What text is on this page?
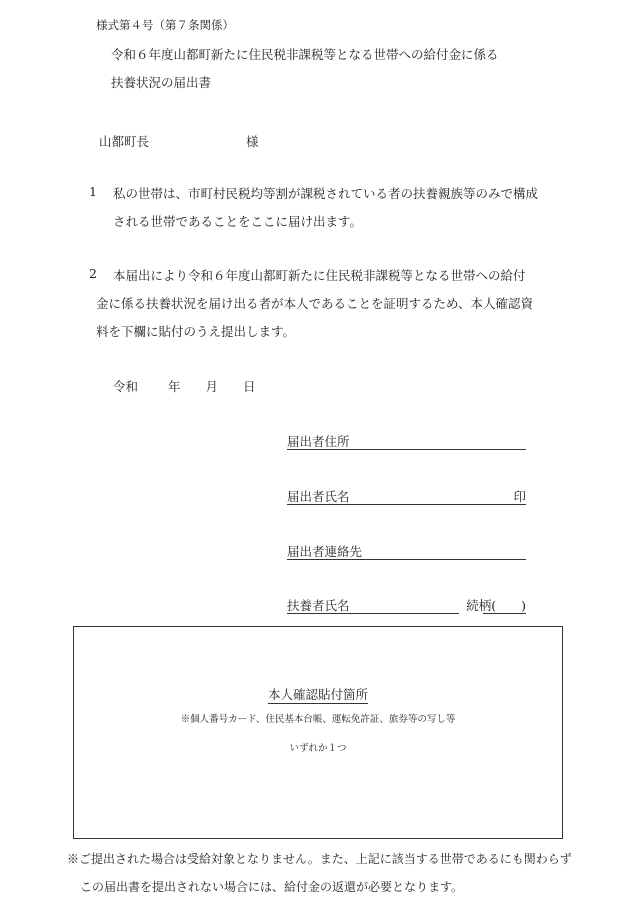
様式第４号（第７条関係）
令和６年度山都町新たに住民税非課税等となる世帯への給付金に係る
扶養状況の届出書
山都町長	様
1 私の世帯は、市町村民税均等割が課税されている者の扶養親族等のみで構成
される世帯であることをここに届け出ます。
2 本届出により令和６年度山都町新たに住民税非課税等となる世帯への給付
金に係る扶養状況を届け出る者が本人であることを証明するため、本人確認資
料を下欄に貼付のうえ提出します。
令和 年 月 日
届出者住所
届出者氏名	印
届出者連絡先
扶養者氏名	続柄(　　)
本人確認貼付箇所
※個人番号カード、住民基本台帳、運転免許証、旅券等の写し等
いずれか１つ
※ご提出された場合は受給対象となりません。また、上記に該当する世帯であるにも関わらず
この届出書を提出されない場合には、給付金の返還が必要となります。
